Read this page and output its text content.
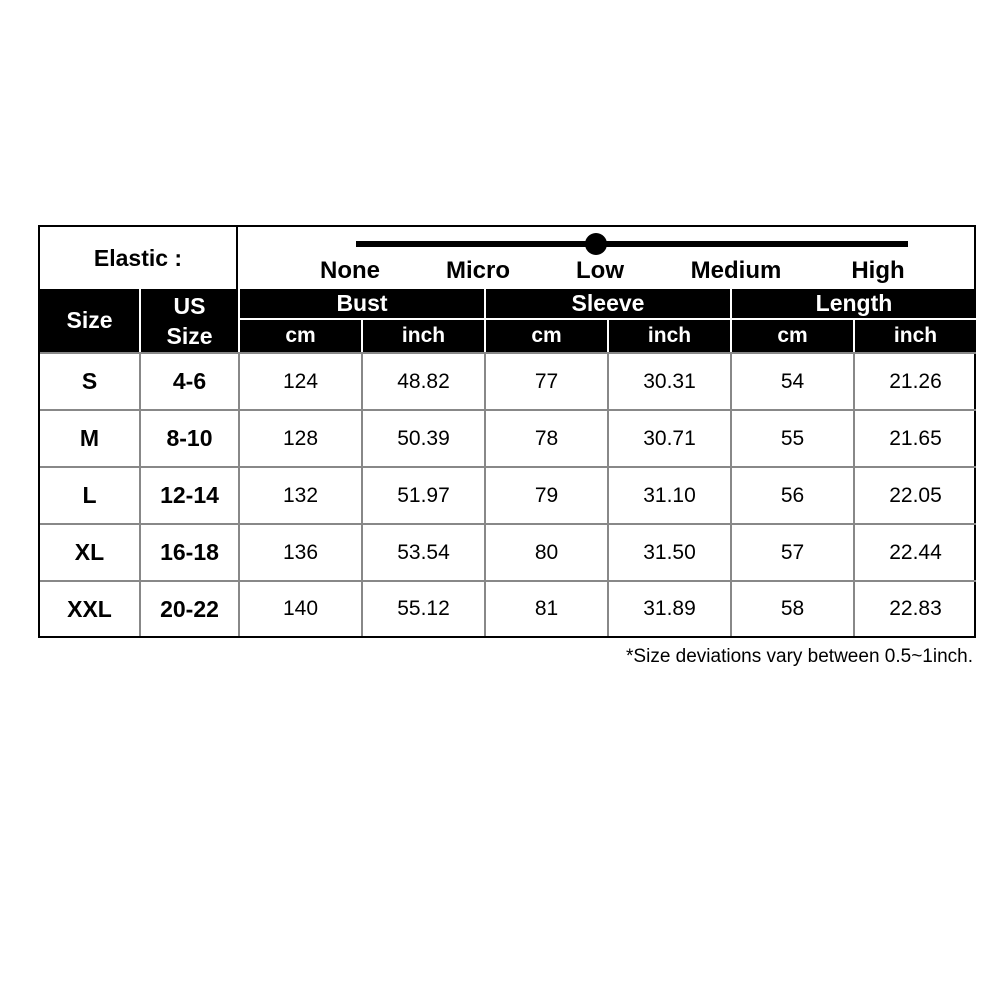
Elastic :	None	Micro	Low	Medium	High
Size
US
Size
Bust	Sleeve	Length
cm	inch	cm	inch	cm	inch
S	4-6	124	48.82	77	30.31	54	21.26
M	8-10	128	50.39	78	30.71	55	21.65
L	12-14	132	51.97	79	31.10	56	22.05
XL	16-18	136	53.54	80	31.50	57	22.44
XXL	20-22	140	55.12	81	31.89	58	22.83
*Size deviations vary between 0.5~1inch.
